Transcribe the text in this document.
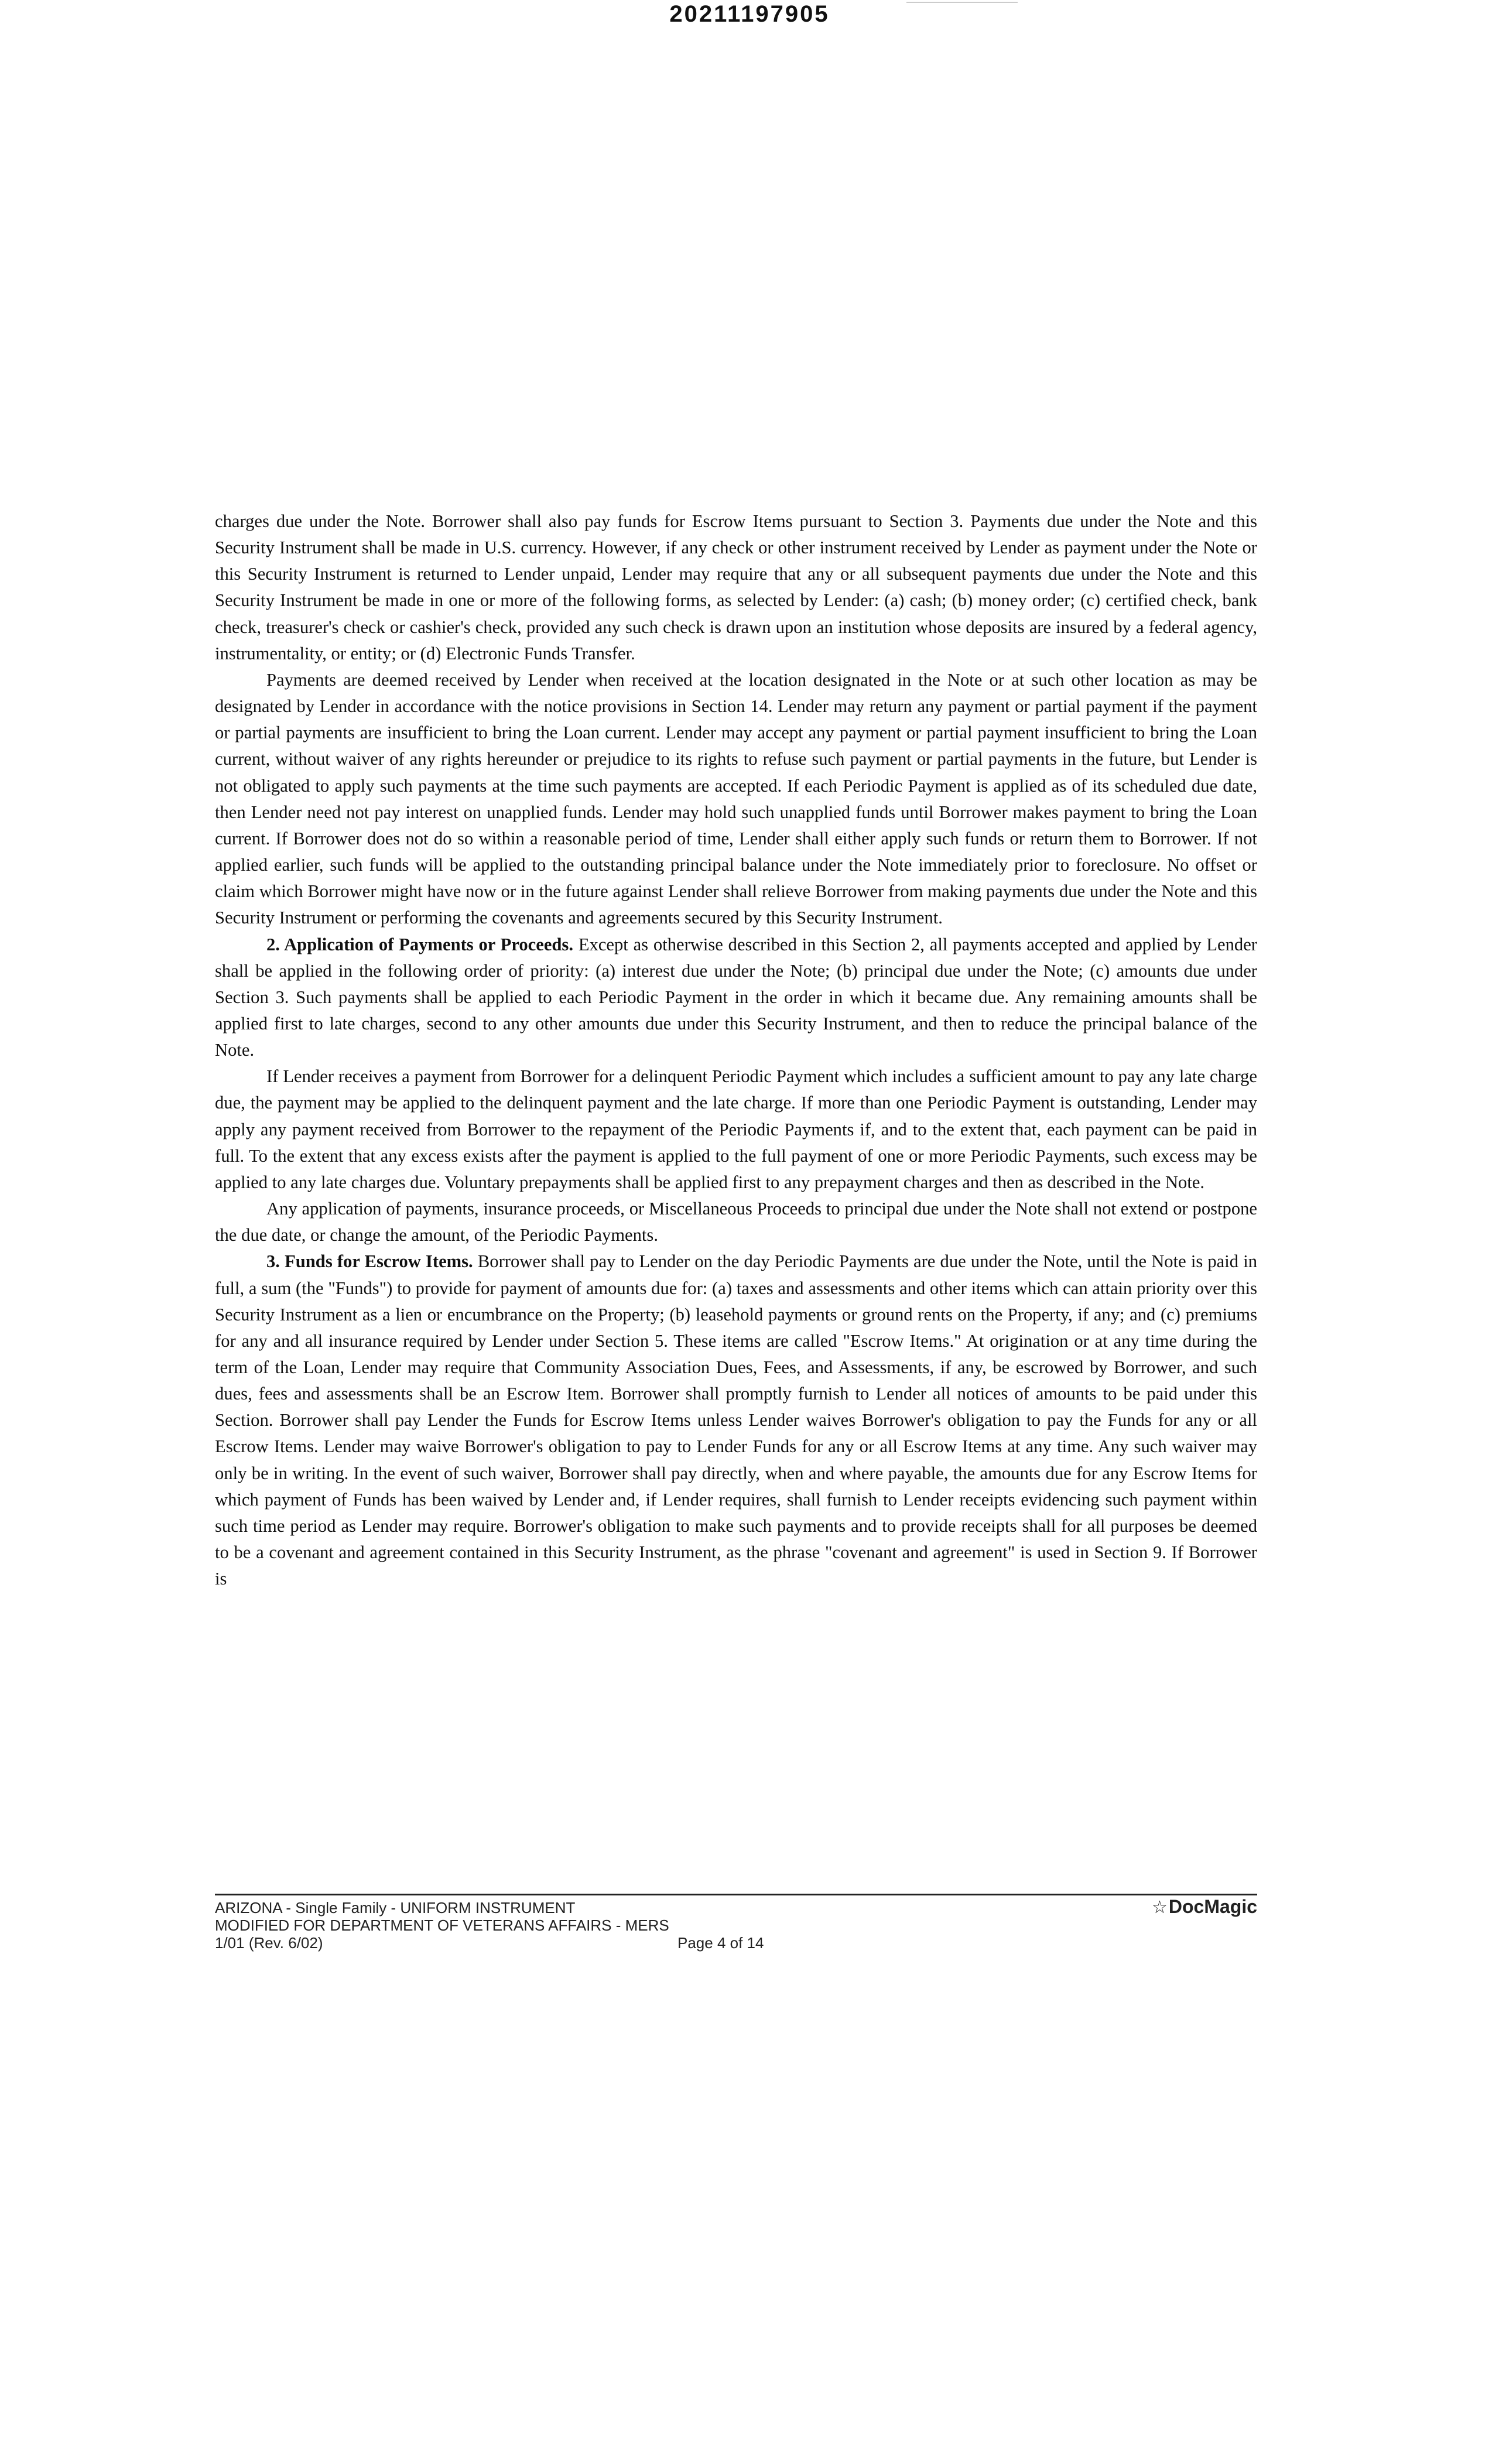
20211197905

charges due under the Note. Borrower shall also pay funds for Escrow Items pursuant to Section 3. Payments due under the Note and this Security Instrument shall be made in U.S. currency. However, if any check or other instrument received by Lender as payment under the Note or this Security Instrument is returned to Lender unpaid, Lender may require that any or all subsequent payments due under the Note and this Security Instrument be made in one or more of the following forms, as selected by Lender: (a) cash; (b) money order; (c) certified check, bank check, treasurer's check or cashier's check, provided any such check is drawn upon an institution whose deposits are insured by a federal agency, instrumentality, or entity; or (d) Electronic Funds Transfer.

Payments are deemed received by Lender when received at the location designated in the Note or at such other location as may be designated by Lender in accordance with the notice provisions in Section 14. Lender may return any payment or partial payment if the payment or partial payments are insufficient to bring the Loan current. Lender may accept any payment or partial payment insufficient to bring the Loan current, without waiver of any rights hereunder or prejudice to its rights to refuse such payment or partial payments in the future, but Lender is not obligated to apply such payments at the time such payments are accepted. If each Periodic Payment is applied as of its scheduled due date, then Lender need not pay interest on unapplied funds. Lender may hold such unapplied funds until Borrower makes payment to bring the Loan current. If Borrower does not do so within a reasonable period of time, Lender shall either apply such funds or return them to Borrower. If not applied earlier, such funds will be applied to the outstanding principal balance under the Note immediately prior to foreclosure. No offset or claim which Borrower might have now or in the future against Lender shall relieve Borrower from making payments due under the Note and this Security Instrument or performing the covenants and agreements secured by this Security Instrument.

2. Application of Payments or Proceeds. Except as otherwise described in this Section 2, all payments accepted and applied by Lender shall be applied in the following order of priority: (a) interest due under the Note; (b) principal due under the Note; (c) amounts due under Section 3. Such payments shall be applied to each Periodic Payment in the order in which it became due. Any remaining amounts shall be applied first to late charges, second to any other amounts due under this Security Instrument, and then to reduce the principal balance of the Note.

If Lender receives a payment from Borrower for a delinquent Periodic Payment which includes a sufficient amount to pay any late charge due, the payment may be applied to the delinquent payment and the late charge. If more than one Periodic Payment is outstanding, Lender may apply any payment received from Borrower to the repayment of the Periodic Payments if, and to the extent that, each payment can be paid in full. To the extent that any excess exists after the payment is applied to the full payment of one or more Periodic Payments, such excess may be applied to any late charges due. Voluntary prepayments shall be applied first to any prepayment charges and then as described in the Note.

Any application of payments, insurance proceeds, or Miscellaneous Proceeds to principal due under the Note shall not extend or postpone the due date, or change the amount, of the Periodic Payments.

3. Funds for Escrow Items. Borrower shall pay to Lender on the day Periodic Payments are due under the Note, until the Note is paid in full, a sum (the "Funds") to provide for payment of amounts due for: (a) taxes and assessments and other items which can attain priority over this Security Instrument as a lien or encumbrance on the Property; (b) leasehold payments or ground rents on the Property, if any; and (c) premiums for any and all insurance required by Lender under Section 5. These items are called "Escrow Items." At origination or at any time during the term of the Loan, Lender may require that Community Association Dues, Fees, and Assessments, if any, be escrowed by Borrower, and such dues, fees and assessments shall be an Escrow Item. Borrower shall promptly furnish to Lender all notices of amounts to be paid under this Section. Borrower shall pay Lender the Funds for Escrow Items unless Lender waives Borrower's obligation to pay the Funds for any or all Escrow Items. Lender may waive Borrower's obligation to pay to Lender Funds for any or all Escrow Items at any time. Any such waiver may only be in writing. In the event of such waiver, Borrower shall pay directly, when and where payable, the amounts due for any Escrow Items for which payment of Funds has been waived by Lender and, if Lender requires, shall furnish to Lender receipts evidencing such payment within such time period as Lender may require. Borrower's obligation to make such payments and to provide receipts shall for all purposes be deemed to be a covenant and agreement contained in this Security Instrument, as the phrase "covenant and agreement" is used in Section 9. If Borrower is

ARIZONA - Single Family - UNIFORM INSTRUMENT
MODIFIED FOR DEPARTMENT OF VETERANS AFFAIRS - MERS
1/01 (Rev. 6/02)	Page 4 of 14
☆DocMagic
